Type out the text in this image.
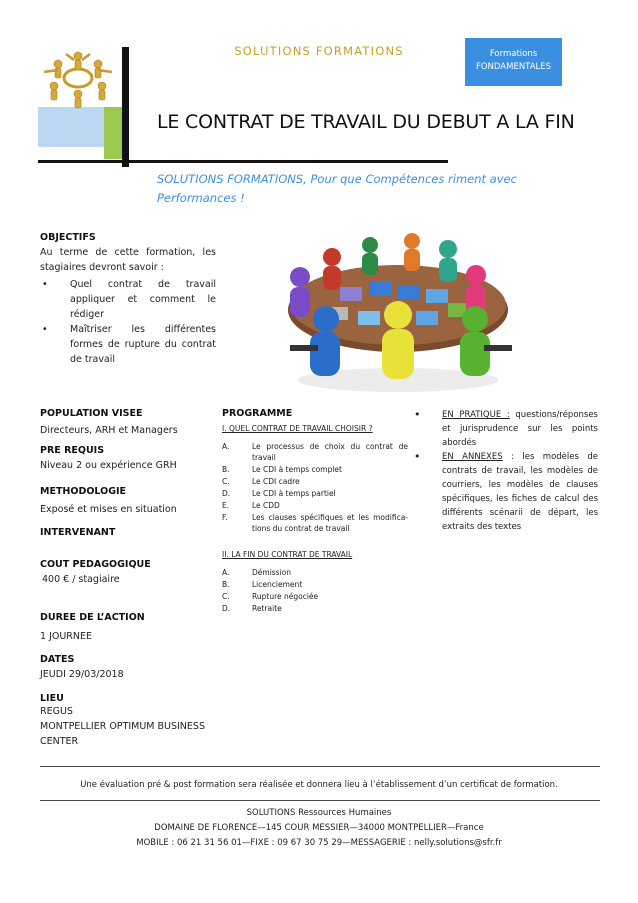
SOLUTIONS FORMATIONS	Formations
FONDAMENTALES
LE CONTRAT DE TRAVAIL DU DEBUT A LA FIN
SOLUTIONS FORMATIONS, Pour que Compétences riment avec Performances !
OBJECTIFS

Au terme de cette formation, les stagiaires devront savoir :

• Quel contrat de travail appliquer et comment le rédiger
• Maîtriser les différentes formes de rupture du contrat de travail
POPULATION VISEE
Directeurs, ARH et Managers
PRE REQUIS
Niveau 2 ou expérience GRH
METHODOLOGIE
Exposé et mises en situation
INTERVENANT
COUT PEDAGOGIQUE
400 € / stagiaire
DUREE DE L’ACTION
1 JOURNEE
DATES
JEUDI 29/03/2018
LIEU
REGUS
MONTPELLIER OPTIMUM BUSINESS
CENTER
PROGRAMME
I. QUEL CONTRAT DE TRAVAIL CHOISIR ?
A.	Le processus de choix du contrat de travail
B.	Le CDI à temps complet
C.	Le CDI cadre
D.	Le CDI à temps partiel
E.	Le CDD
F.	Les clauses spécifiques et les modifica-tions du contrat de travail
II. LA FIN DU CONTRAT DE TRAVAIL
A.	Démission
B.	Licenciement
C.	Rupture négociée
D.	Retraite
• EN PRATIQUE : questions/réponses et jurisprudence sur les points abordés
• EN ANNEXES : les modèles de contrats de travail, les modèles de courriers, les modèles de clauses spécifiques, les fiches de calcul des différents scénarii de départ, les extraits des textes
Une évaluation pré & post formation sera réalisée et donnera lieu à l’établissement d’un certificat de formation.
SOLUTIONS Ressources Humaines
DOMAINE DE FLORENCE—145 COUR MESSIER—34000 MONTPELLIER—France
MOBILE : 06 21 31 56 01—FIXE : 09 67 30 75 29—MESSAGERIE : nelly.solutions@sfr.fr
